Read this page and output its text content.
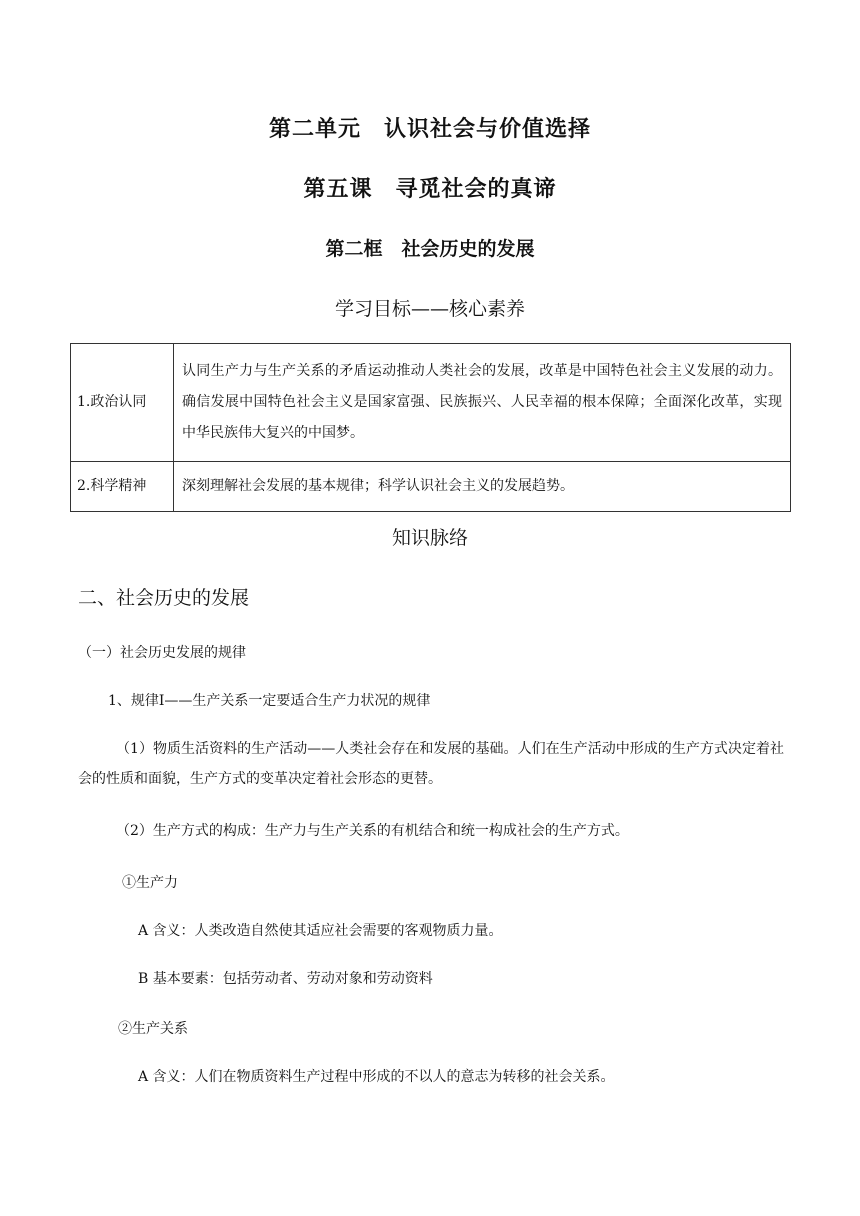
第二单元　认识社会与价值选择
第五课　寻觅社会的真谛
第二框　社会历史的发展
学习目标——核心素养
1.政治认同	认同生产力与生产关系的矛盾运动推动人类社会的发展，改革是中国特色社会主义发展的动力。确信发展中国特色社会主义是国家富强、民族振兴、人民幸福的根本保障；全面深化改革，实现中华民族伟大复兴的中国梦。
2.科学精神	深刻理解社会发展的基本规律；科学认识社会主义的发展趋势。
知识脉络
二、社会历史的发展
（一）社会历史发展的规律
1、规律Ⅰ——生产关系一定要适合生产力状况的规律
（1）物质生活资料的生产活动——人类社会存在和发展的基础。人们在生产活动中形成的生产方式决定着社会的性质和面貌，生产方式的变革决定着社会形态的更替。
（2）生产方式的构成：生产力与生产关系的有机结合和统一构成社会的生产方式。
①生产力
A 含义：人类改造自然使其适应社会需要的客观物质力量。
B 基本要素：包括劳动者、劳动对象和劳动资料
②生产关系
A 含义：人们在物质资料生产过程中形成的不以人的意志为转移的社会关系。
